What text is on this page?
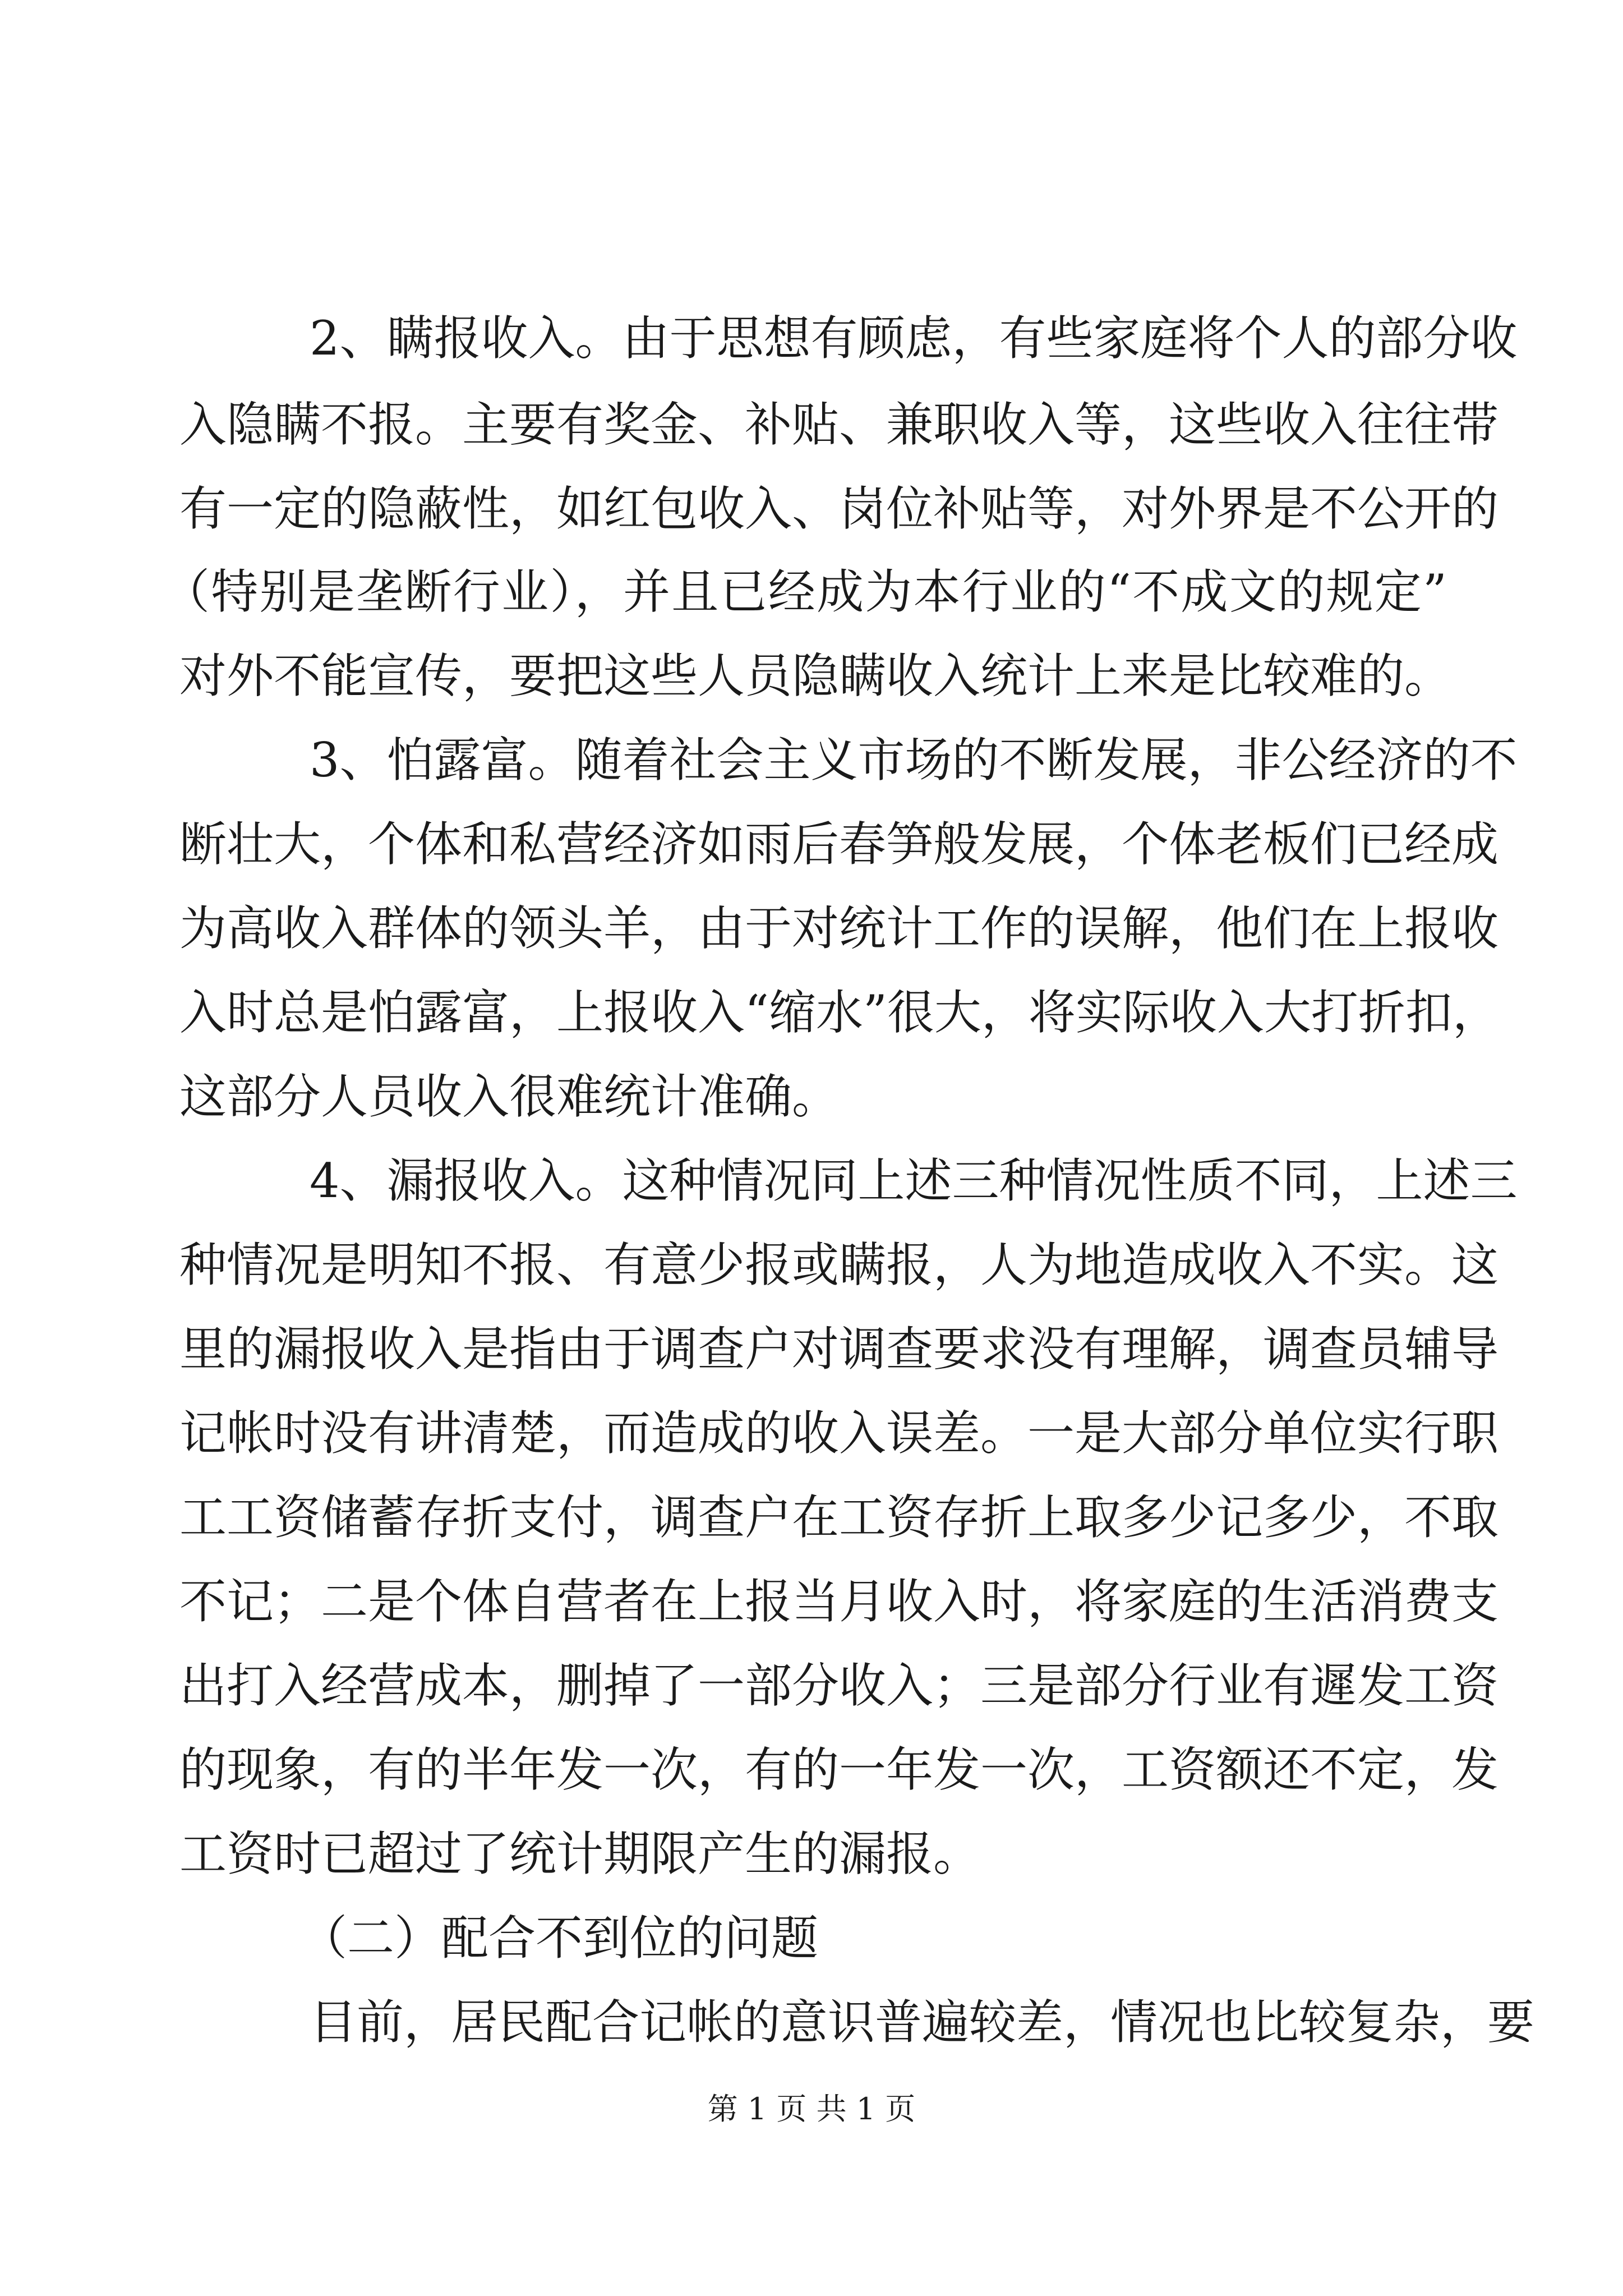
2、瞒报收入。由于思想有顾虑，有些家庭将个人的部分收
入隐瞒不报。主要有奖金、补贴、兼职收入等，这些收入往往带
有一定的隐蔽性，如红包收入、岗位补贴等，对外界是不公开的
（特别是垄断行业），并且已经成为本行业的“不成文的规定”
对外不能宣传，要把这些人员隐瞒收入统计上来是比较难的。
3、怕露富。随着社会主义市场的不断发展，非公经济的不
断壮大，个体和私营经济如雨后春笋般发展，个体老板们已经成
为高收入群体的领头羊，由于对统计工作的误解，他们在上报收
入时总是怕露富，上报收入“缩水”很大，将实际收入大打折扣，
这部分人员收入很难统计准确。
4、漏报收入。这种情况同上述三种情况性质不同，上述三
种情况是明知不报、有意少报或瞒报，人为地造成收入不实。这
里的漏报收入是指由于调查户对调查要求没有理解，调查员辅导
记帐时没有讲清楚，而造成的收入误差。一是大部分单位实行职
工工资储蓄存折支付，调查户在工资存折上取多少记多少，不取
不记；二是个体自营者在上报当月收入时，将家庭的生活消费支
出打入经营成本，删掉了一部分收入；三是部分行业有遲发工资
的现象，有的半年发一次，有的一年发一次，工资额还不定，发
工资时已超过了统计期限产生的漏报。
（二）配合不到位的问题
目前，居民配合记帐的意识普遍较差，情况也比较复杂，要
第 1 页 共 1 页
